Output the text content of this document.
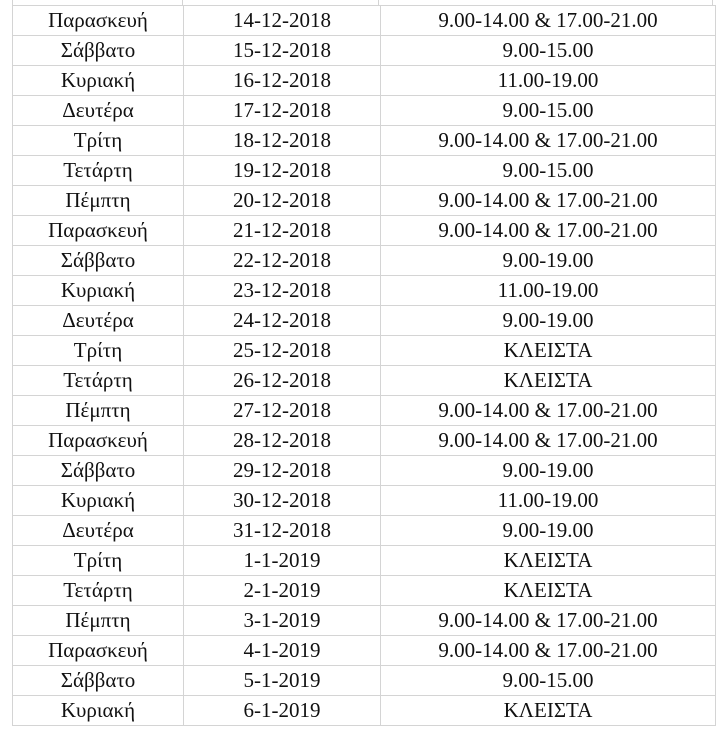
Παρασκευή	14-12-2018	9.00-14.00 & 17.00-21.00
Σάββατο	15-12-2018	9.00-15.00
Κυριακή	16-12-2018	11.00-19.00
Δευτέρα	17-12-2018	9.00-15.00
Τρίτη	18-12-2018	9.00-14.00 & 17.00-21.00
Τετάρτη	19-12-2018	9.00-15.00
Πέμπτη	20-12-2018	9.00-14.00 & 17.00-21.00
Παρασκευή	21-12-2018	9.00-14.00 & 17.00-21.00
Σάββατο	22-12-2018	9.00-19.00
Κυριακή	23-12-2018	11.00-19.00
Δευτέρα	24-12-2018	9.00-19.00
Τρίτη	25-12-2018	ΚΛΕΙΣΤΑ
Τετάρτη	26-12-2018	ΚΛΕΙΣΤΑ
Πέμπτη	27-12-2018	9.00-14.00 & 17.00-21.00
Παρασκευή	28-12-2018	9.00-14.00 & 17.00-21.00
Σάββατο	29-12-2018	9.00-19.00
Κυριακή	30-12-2018	11.00-19.00
Δευτέρα	31-12-2018	9.00-19.00
Τρίτη	1-1-2019	ΚΛΕΙΣΤΑ
Τετάρτη	2-1-2019	ΚΛΕΙΣΤΑ
Πέμπτη	3-1-2019	9.00-14.00 & 17.00-21.00
Παρασκευή	4-1-2019	9.00-14.00 & 17.00-21.00
Σάββατο	5-1-2019	9.00-15.00
Κυριακή	6-1-2019	ΚΛΕΙΣΤΑ
